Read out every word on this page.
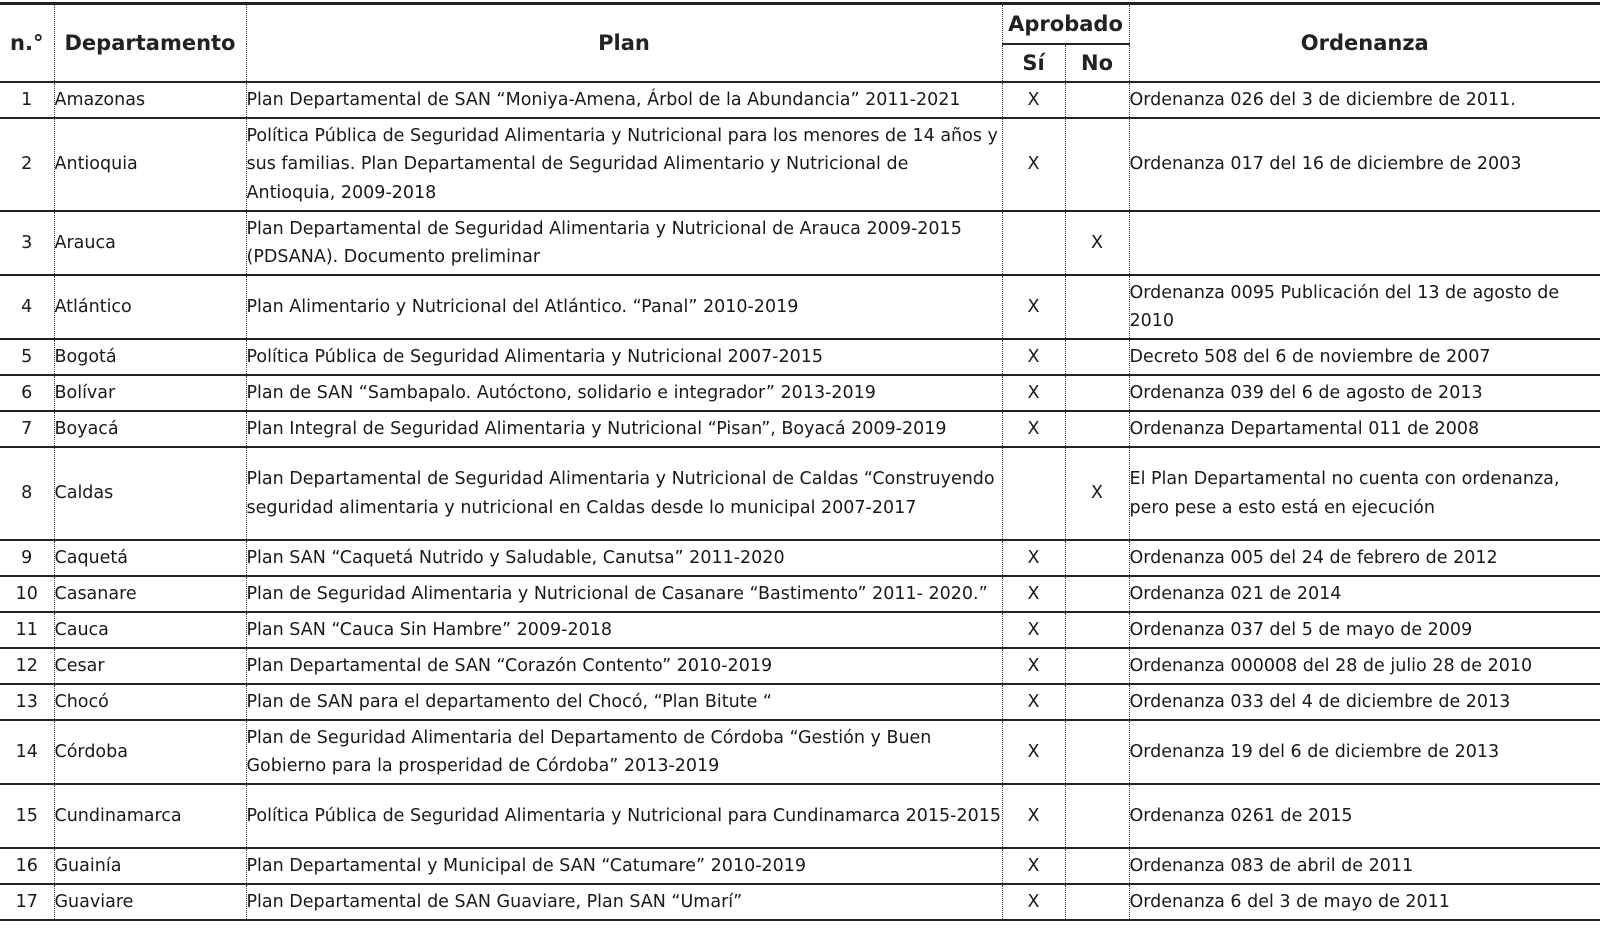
n.°	Departamento	Plan	Aprobado		Ordenanza
			Sí	No	
1	Amazonas	Plan Departamental de SAN “Moniya-Amena, Árbol de la Abundancia” 2011-2021	X		Ordenanza 026 del 3 de diciembre de 2011.
2	Antioquia	Política Pública de Seguridad Alimentaria y Nutricional para los menores de 14 años y sus familias. Plan Departamental de Seguridad Alimentario y Nutricional de Antioquia, 2009-2018	X		Ordenanza 017 del 16 de diciembre de 2003
3	Arauca	Plan Departamental de Seguridad Alimentaria y Nutricional de Arauca 2009-2015 (PDSANA). Documento preliminar		X	
4	Atlántico	Plan Alimentario y Nutricional del Atlántico. “Panal” 2010-2019	X		Ordenanza 0095 Publicación del 13 de agosto de 2010
5	Bogotá	Política Pública de Seguridad Alimentaria y Nutricional 2007-2015	X		Decreto 508 del 6 de noviembre de 2007
6	Bolívar	Plan de SAN “Sambapalo. Autóctono, solidario e integrador” 2013-2019	X		Ordenanza 039 del 6 de agosto de 2013
7	Boyacá	Plan Integral de Seguridad Alimentaria y Nutricional “Pisan”, Boyacá 2009-2019	X		Ordenanza Departamental 011 de 2008
8	Caldas	Plan Departamental de Seguridad Alimentaria y Nutricional de Caldas “Construyendo seguridad alimentaria y nutricional en Caldas desde lo municipal 2007-2017		X	El Plan Departamental no cuenta con ordenanza, pero pese a esto está en ejecución
9	Caquetá	Plan SAN “Caquetá Nutrido y Saludable, Canutsa” 2011-2020	X		Ordenanza 005 del 24 de febrero de 2012
10	Casanare	Plan de Seguridad Alimentaria y Nutricional de Casanare “Bastimento” 2011- 2020.”	X		Ordenanza 021 de 2014
11	Cauca	Plan SAN “Cauca Sin Hambre” 2009-2018	X		Ordenanza 037 del 5 de mayo de 2009
12	Cesar	Plan Departamental de SAN “Corazón Contento” 2010-2019	X		Ordenanza 000008 del 28 de julio 28 de 2010
13	Chocó	Plan de SAN para el departamento del Chocó, “Plan Bitute “	X		Ordenanza 033 del 4 de diciembre de 2013
14	Córdoba	Plan de Seguridad Alimentaria del Departamento de Córdoba “Gestión y Buen Gobierno para la prosperidad de Córdoba” 2013-2019	X		Ordenanza 19 del 6 de diciembre de 2013
15	Cundinamarca	Política Pública de Seguridad Alimentaria y Nutricional para Cundinamarca 2015-2015	X		Ordenanza 0261 de 2015
16	Guainía	Plan Departamental y Municipal de SAN “Catumare” 2010-2019	X		Ordenanza 083 de abril de 2011
17	Guaviare	Plan Departamental de SAN Guaviare, Plan SAN “Umarí”	X		Ordenanza 6 del 3 de mayo de 2011
